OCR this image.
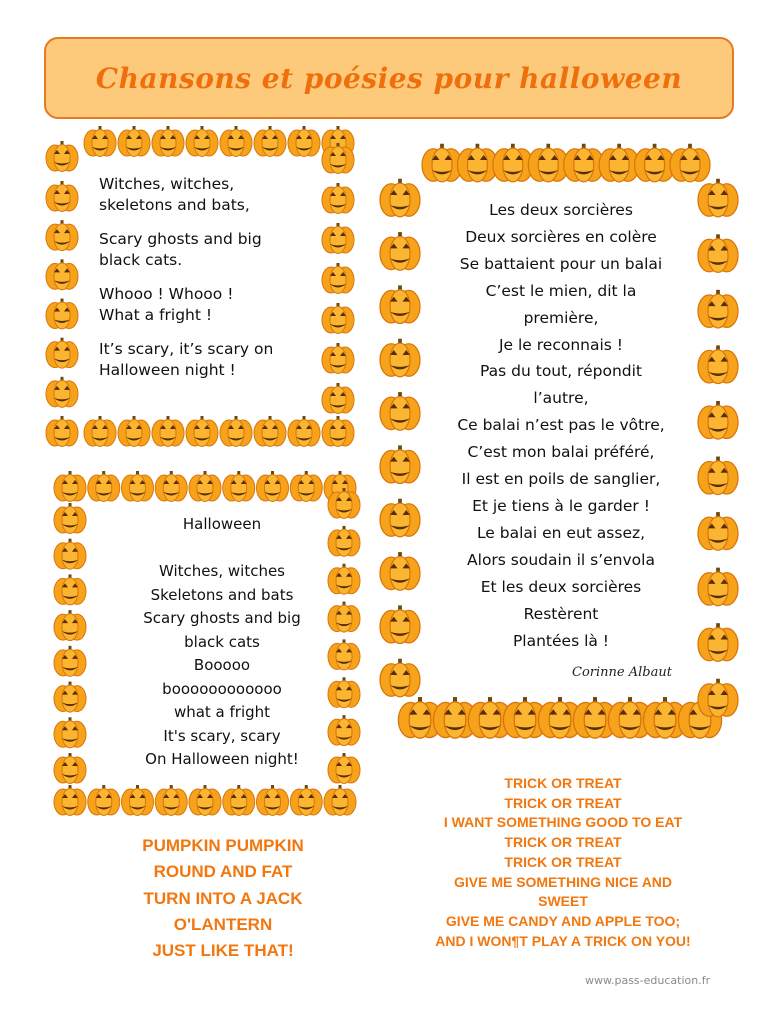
Chansons et poésies pour halloween
Witches, witches,
skeletons and bats,
Scary ghosts and big
black cats.
Whooo ! Whooo !
What a fright !
It’s scary, it’s scary on
Halloween night !
Halloween
Witches, witches
Skeletons and bats
Scary ghosts and big
black cats
Booooo
boooooooooooo
what a fright
It's scary, scary
On Halloween night!
Les deux sorcières
Deux sorcières en colère
Se battaient pour un balai
C’est le mien, dit la
première,
Je le reconnais !
Pas du tout, répondit
l’autre,
Ce balai n’est pas le vôtre,
C’est mon balai préféré,
Il est en poils de sanglier,
Et je tiens à le garder !
Le balai en eut assez,
Alors soudain il s’envola
Et les deux sorcières
Restèrent
Plantées là !
Corinne Albaut
PUMPKIN PUMPKIN
ROUND AND FAT
TURN INTO A JACK
O'LANTERN
JUST LIKE THAT!
TRICK OR TREAT
TRICK OR TREAT
I WANT SOMETHING GOOD TO EAT
TRICK OR TREAT
TRICK OR TREAT
GIVE ME SOMETHING NICE AND
SWEET
GIVE ME CANDY AND APPLE TOO;
AND I WON¶T PLAY A TRICK ON YOU!
www.pass-education.fr
